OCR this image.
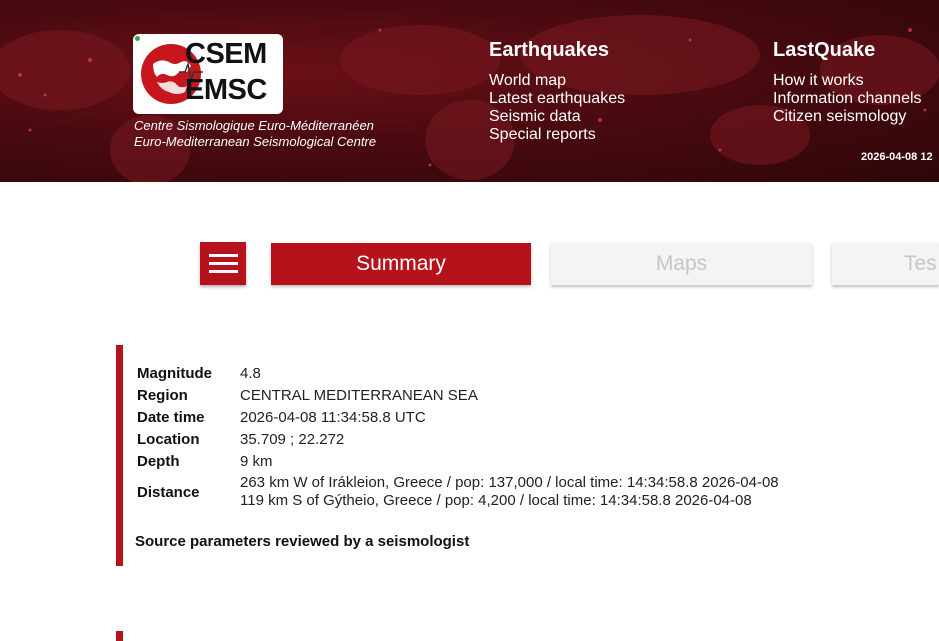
CSEM
EMSC
Centre Sismologique Euro-Méditerranéen
Euro-Mediterranean Seismological Centre
Earthquakes
World map
Latest earthquakes
Seismic data
Special reports
LastQuake
How it works
Information channels
Citizen seismology
2026-04-08 12
Summary	Maps	Tes
Magnitude	4.8
Region	CENTRAL MEDITERRANEAN SEA
Date time	2026-04-08 11:34:58.8 UTC
Location	35.709 ; 22.272
Depth	9 km
Distance	263 km W of Irákleion, Greece / pop: 137,000 / local time: 14:34:58.8 2026-04-08
119 km S of Gýtheio, Greece / pop: 4,200 / local time: 14:34:58.8 2026-04-08
Source parameters reviewed by a seismologist
